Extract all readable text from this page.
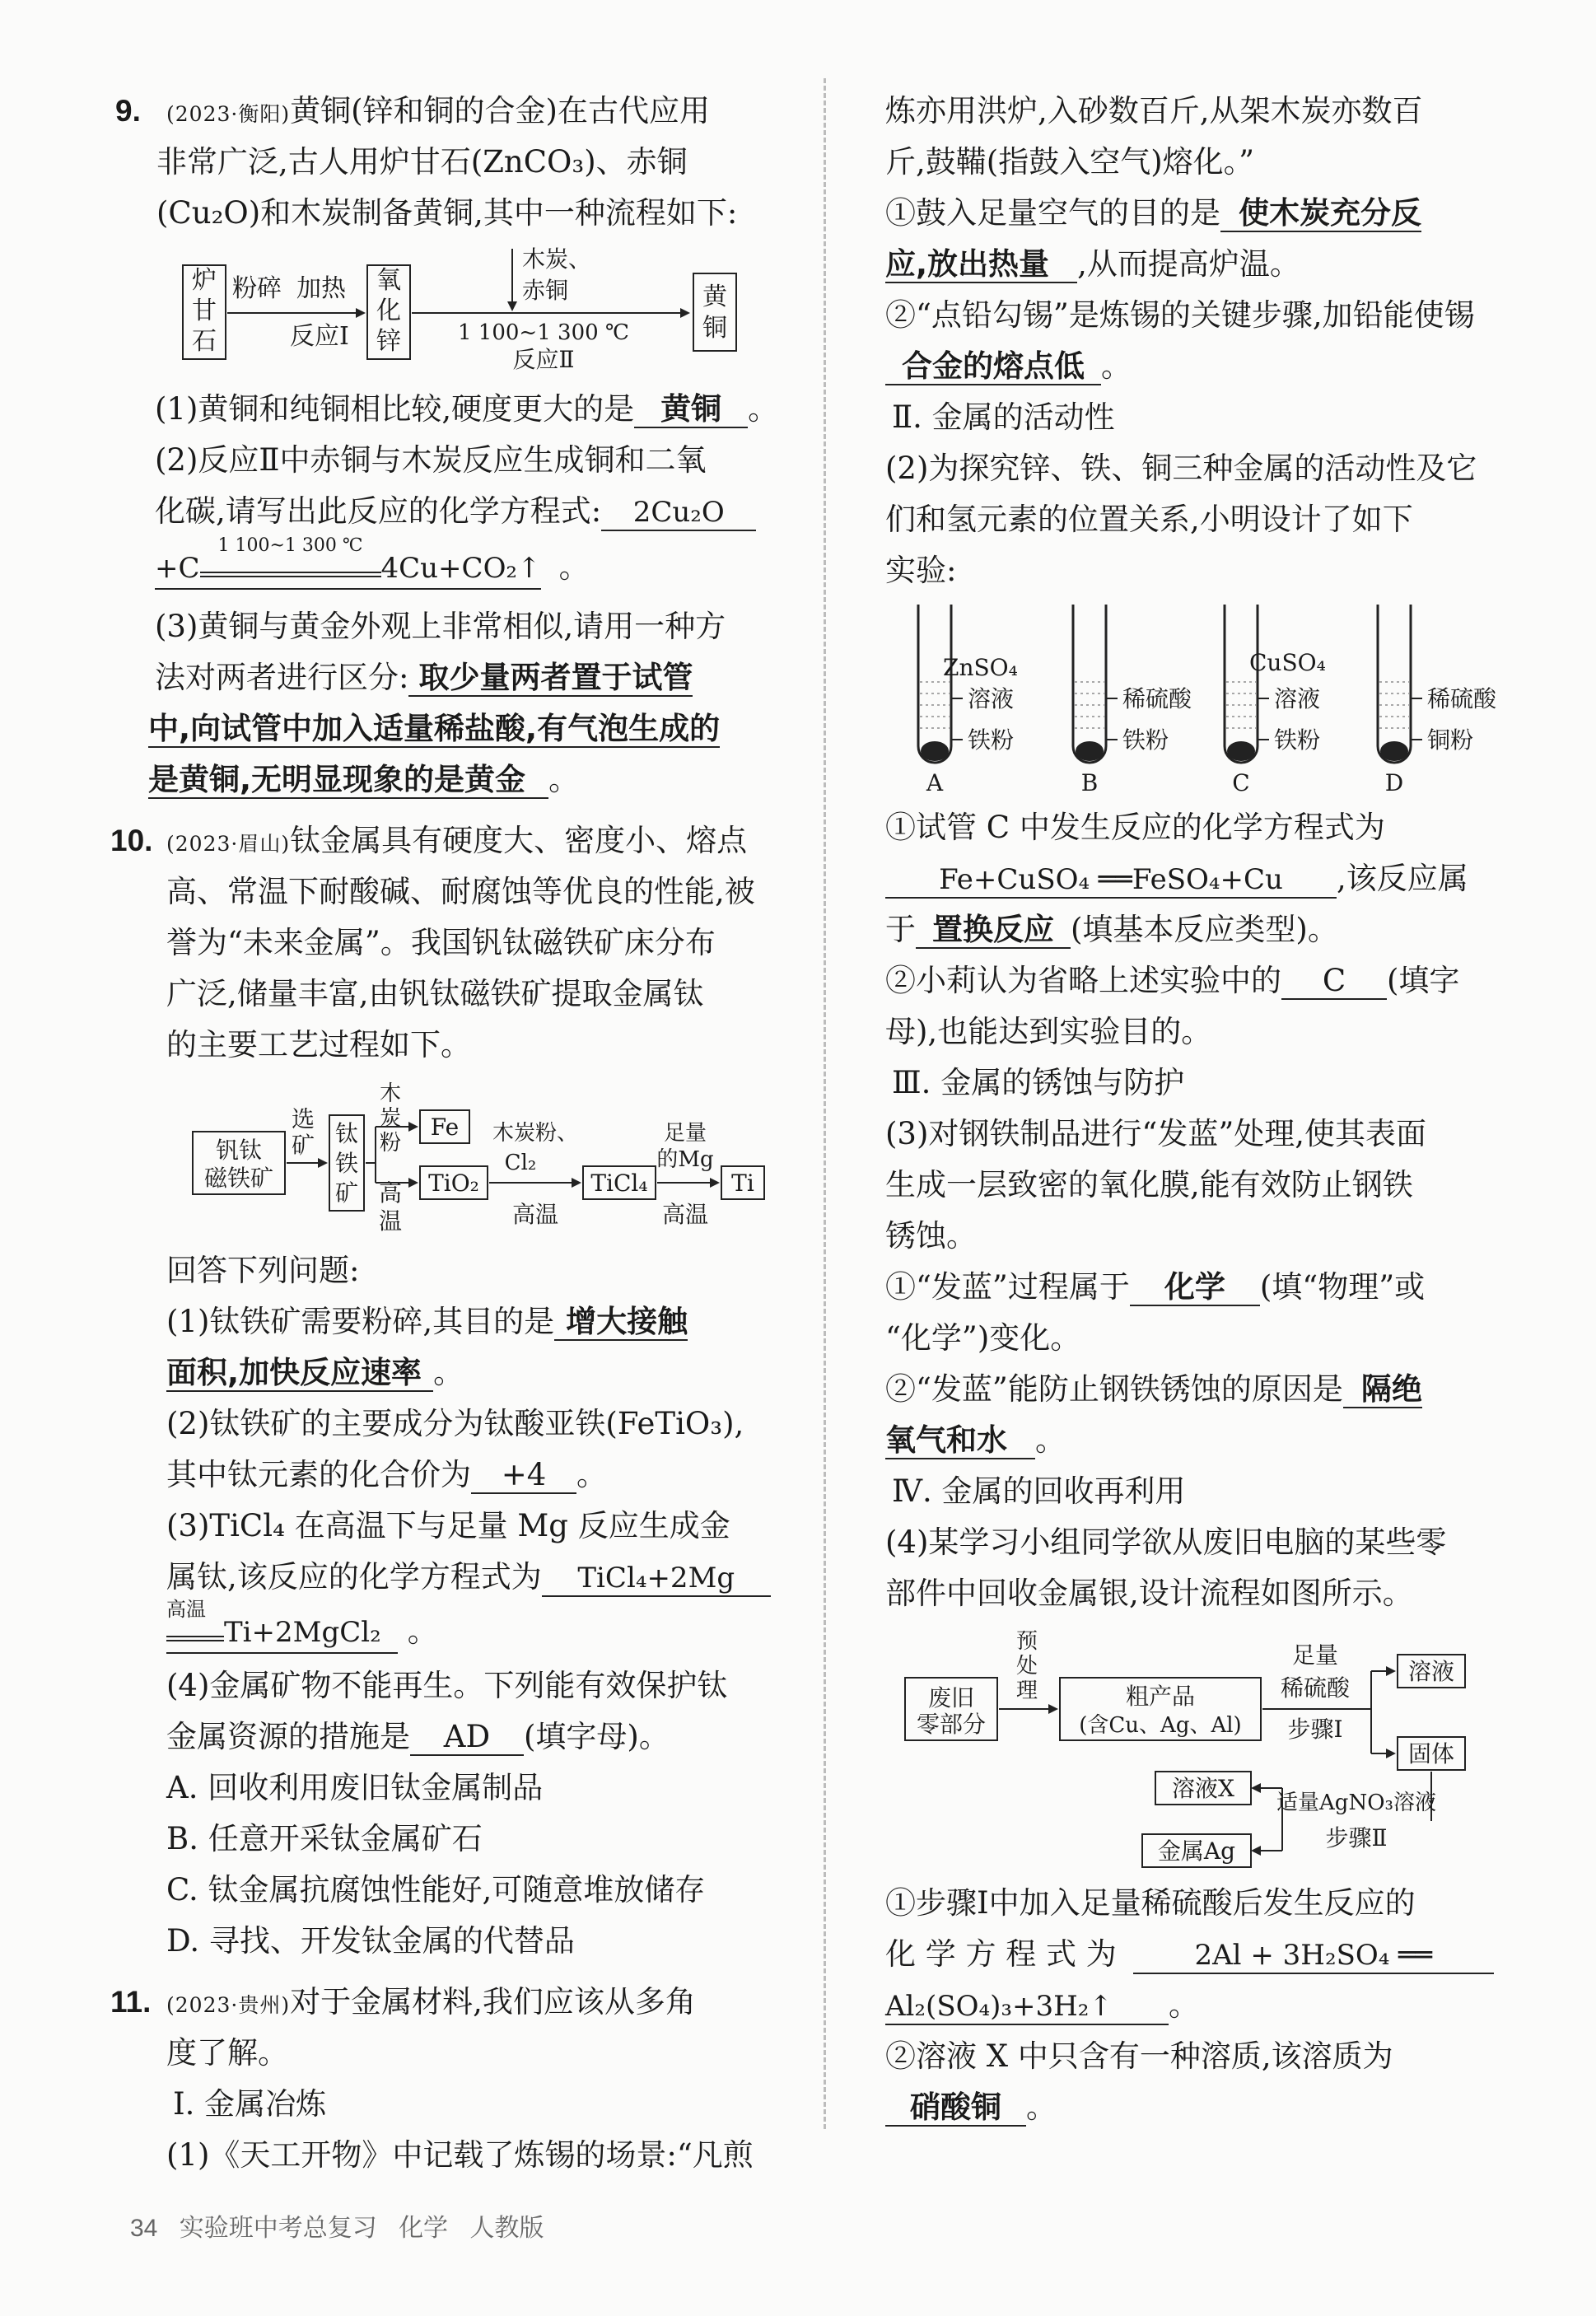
9. (2023·衡阳)黄铜(锌和铜的合金)在古代应用
非常广泛,古人用炉甘石(ZnCO₃)、赤铜
(Cu₂O)和木炭制备黄铜,其中一种流程如下:
炉
甘
石
粉碎 加热
反应Ⅰ
氧
化
锌
木炭、
赤铜
1 100~1 300 ℃
反应Ⅱ
黄
铜
(1)黄铜和纯铜相比较,硬度更大的是 黄铜 。
(2)反应Ⅱ中赤铜与木炭反应生成铜和二氧
化碳,请写出此反应的化学方程式: 2Cu₂O
+C
1 100~1 300 ℃
4Cu+CO₂↑ 。
(3)黄铜与黄金外观上非常相似,请用一种方
法对两者进行区分: 取少量两者置于试管
中,向试管中加入适量稀盐酸,有气泡生成的
是黄铜,无明显现象的是黄金 。
10. (2023·眉山)钛金属具有硬度大、密度小、熔点
高、常温下耐酸碱、耐腐蚀等优良的性能,被
誉为“未来金属”。我国钒钛磁铁矿床分布
广泛,储量丰富,由钒钛磁铁矿提取金属钛
的主要工艺过程如下。
钒钛
磁铁矿
选
矿 钛
铁
矿
木
炭
粉
高
温
Fe
TiO₂
木炭粉、
Cl₂
高温
TiCl₄
足量
的Mg
高温
Ti
回答下列问题:
(1)钛铁矿需要粉碎,其目的是 增大接触
面积,加快反应速率 。
(2)钛铁矿的主要成分为钛酸亚铁(FeTiO₃),
其中钛元素的化合价为 +4 。
(3)TiCl₄ 在高温下与足量 Mg 反应生成金
属钛,该反应的化学方程式为 TiCl₄+2Mg
高温
Ti+2MgCl₂ 。
(4)金属矿物不能再生。下列能有效保护钛
金属资源的措施是 AD (填字母)。
A. 回收利用废旧钛金属制品
B. 任意开采钛金属矿石
C. 钛金属抗腐蚀性能好,可随意堆放储存
D. 寻找、开发钛金属的代替品
11. (2023·贵州)对于金属材料,我们应该从多角
度了解。
Ⅰ. 金属冶炼
(1)《天工开物》中记载了炼锡的场景:“凡煎
炼亦用洪炉,入砂数百斤,从架木炭亦数百
斤,鼓鞴(指鼓入空气)熔化。”
①鼓入足量空气的目的是 使木炭充分反
应,放出热量 ,从而提高炉温。
②“点铅勾锡”是炼锡的关键步骤,加铅能使锡
合金的熔点低 。
Ⅱ. 金属的活动性
(2)为探究锌、铁、铜三种金属的活动性及它
们和氢元素的位置关系,小明设计了如下
实验:
A
ZnSO₄
溶液
铁粉
B
稀硫酸
铁粉
C
CuSO₄
溶液
铁粉
D
稀硫酸
铜粉
①试管 C 中发生反应的化学方程式为
Fe+CuSO₄ ══FeSO₄+Cu ,该反应属
于 置换反应 (填基本反应类型)。
②小莉认为省略上述实验中的 C (填字
母),也能达到实验目的。
Ⅲ. 金属的锈蚀与防护
(3)对钢铁制品进行“发蓝”处理,使其表面
生成一层致密的氧化膜,能有效防止钢铁
锈蚀。
①“发蓝”过程属于 化学 (填“物理”或
“化学”)变化。
②“发蓝”能防止钢铁锈蚀的原因是 隔绝
氧气和水 。
Ⅳ. 金属的回收再利用
(4)某学习小组同学欲从废旧电脑的某些零
部件中回收金属银,设计流程如图所示。
废旧
零部分
预
处
理	粗产品
(含Cu、Ag、Al)
足量
稀硫酸
步骤Ⅰ
溶液
固体
适量AgNO₃溶液
步骤Ⅱ
溶液X
金属Ag
①步骤Ⅰ中加入足量稀硫酸后发生反应的
化 学 方 程 式 为	2Al + 3H₂SO₄ ══
Al₂(SO₄)₃+3H₂↑ 。
②溶液 X 中只含有一种溶质,该溶质为
硝酸铜 。
34 实验班中考总复习 化学 人教版
